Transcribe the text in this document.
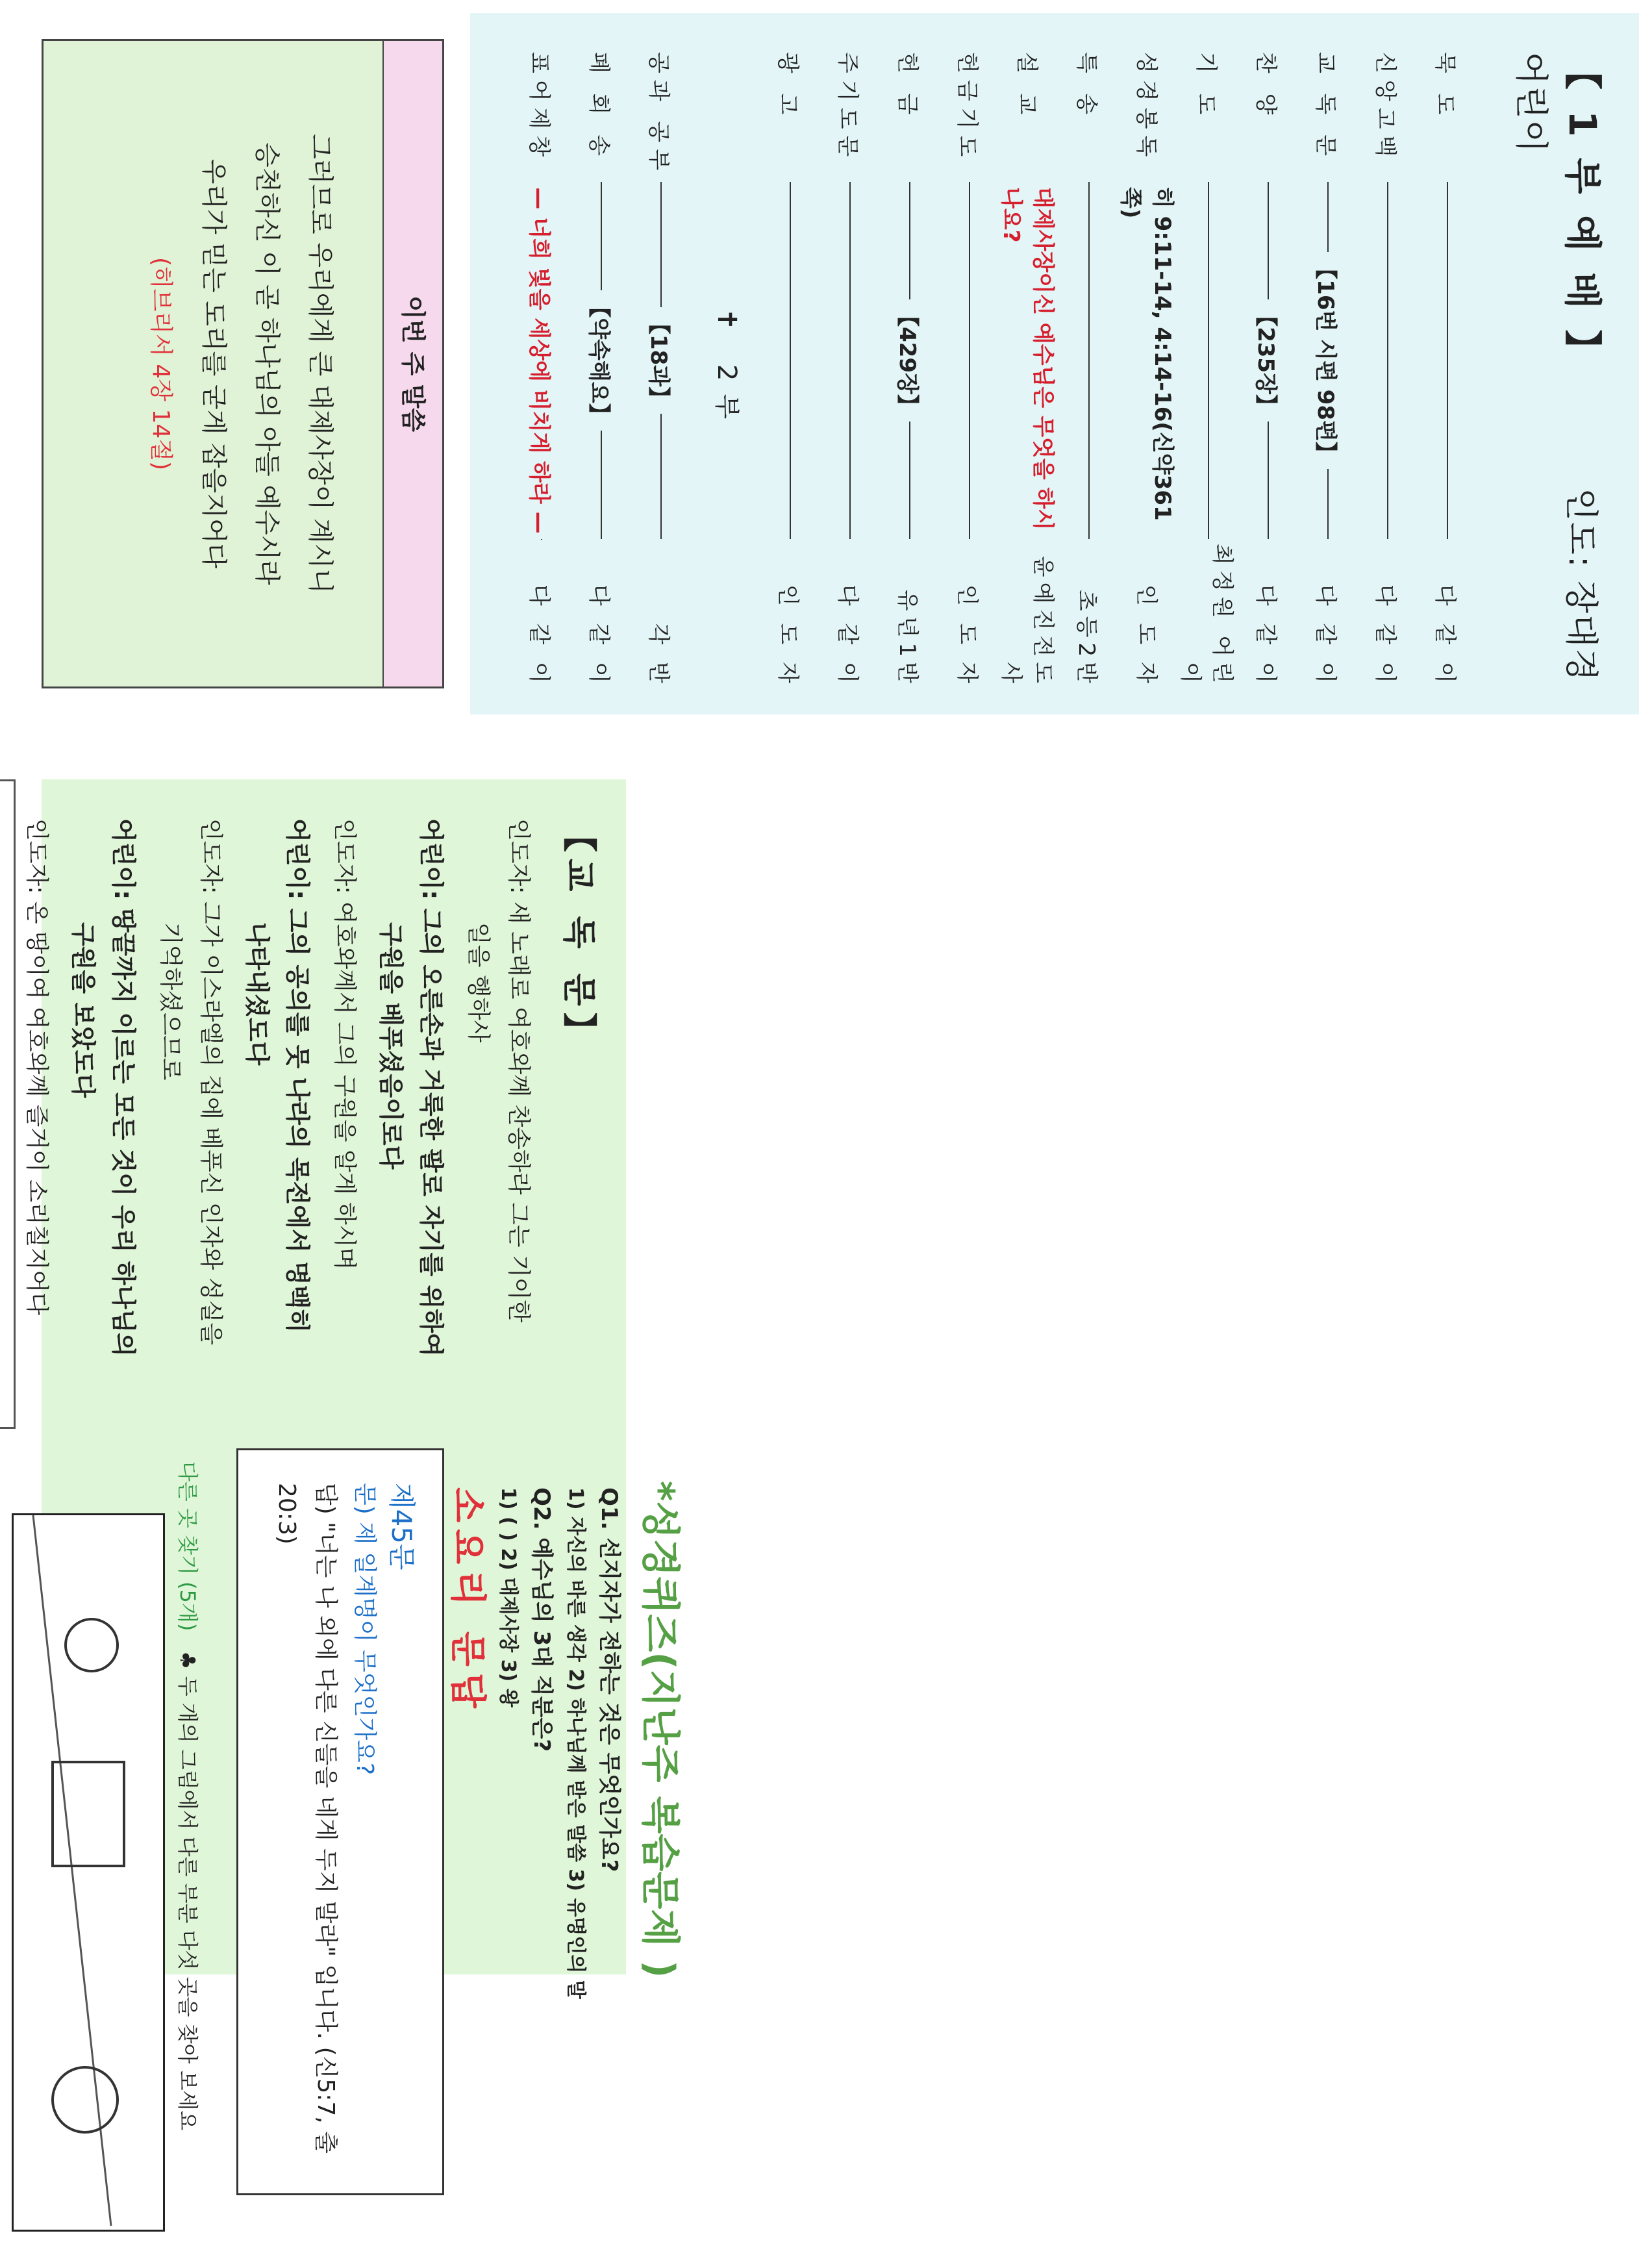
【 1 부 예 배 】인도: 장대경 어린이
묵 도
다 같 이
신앙고백
다 같 이
교 독 문
【16번 시편 98편】
다 같 이
찬 양
【235장】
다 같 이
기 도
최정원 어린이
성경봉독
히 9:11-14, 4:14-16(신약361쪽)
인 도 자
특 송
초등2반
설 교
대제사장이신 예수님은 무엇을 하시나요?
윤예진전도사
헌금기도
인 도 자
헌 금
【429장】
유년1반
주기도문
다 같 이
광 고
인 도 자
✝ 2부
공과 공부
【18과】
각 반
폐 회 송
【약속해요】
다 같 이
표어제창
— 너희 빛을 세상에 비치게 하라 —
다 같 이
이번 주 말씀
그러므로 우리에게 큰 대제사장이 계시니
승천하신 이 곧 하나님의 아들 예수시라
우리가 믿는 도리를 굳게 잡을지어다
(히브리서 4장 14절)
【교 독 문】
인도자: 새 노래로 여호와께 찬송하라 그는 기이한
일을 행하사
어린이: 그의 오른손과 거룩한 팔로 자기를 위하여
구원을 베푸셨음이로다
인도자: 여호와께서 그의 구원을 알게 하시며
어린이: 그의 공의를 뭇 나라의 목전에서 명백히
나타내셨도다
인도자: 그가 이스라엘의 집에 베푸신 인자와 성실을
기억하셨으므로
어린이: 땅끝까지 이르는 모든 것이 우리 하나님의
구원을 보았도다
인도자: 온 땅이여 여호와께 즐거이 소리칠지어다
*성경퀴즈(지난주 복습문제 )
Q1. 선지자가 전하는 것은 무엇인가요?
1) 자신의 바른 생각 2) 하나님께 받은 말씀 3) 유명인의 말
Q2. 예수님의 3대 직분은?
1) ( ) 2) 대제사장 3) 왕
소요리 문답
제45문
문) 제 일계명이 무엇인가요?
답) "너는 나 외에 다른 신들을 네게 두지 말라" 입니다. (신5:7, 출20:3)
다른 곳 찾기 (5개)   ♣ 두 개의 그림에서 다른 부분 다섯 곳을 찾아 보세요
